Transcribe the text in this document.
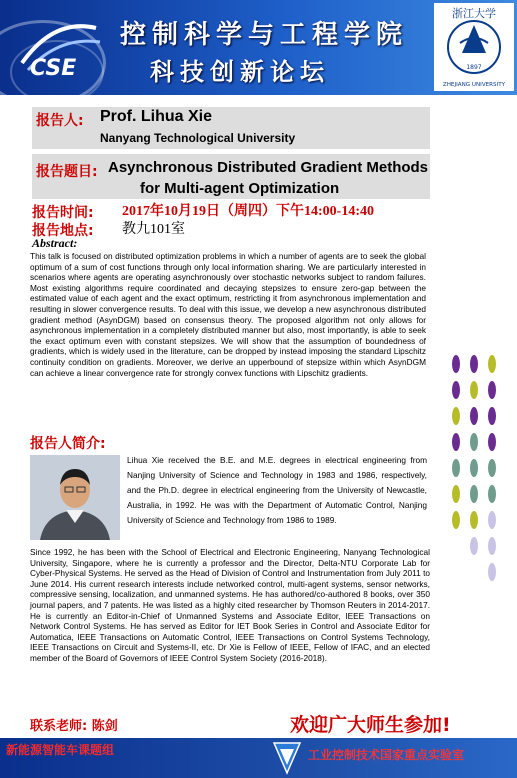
CSE
控制科学与工程学院
科技创新论坛
浙江大学
1897
ZHEJIANG UNIVERSITY
报告人: Prof. Lihua Xie
Nanyang Technological University
报告题目: Asynchronous Distributed Gradient Methods
for Multi-agent Optimization
报告时间: 2017年10月19日（周四）下午14:00-14:40
报告地点: 教九101室
Abstract:
This talk is focused on distributed optimization problems in which a number of agents are to seek the global optimum of a sum of cost functions through only local information sharing. We are particularly interested in scenarios where agents are operating asynchronously over stochastic networks subject to random failures. Most existing algorithms require coordinated and decaying stepsizes to ensure zero-gap between the estimated value of each agent and the exact optimum, restricting it from asynchronous implementation and resulting in slower convergence results. To deal with this issue, we develop a new asynchronous distributed gradient method (AsynDGM) based on consensus theory. The proposed algorithm not only allows for asynchronous implementation in a completely distributed manner but also, most importantly, is able to seek the exact optimum even with constant stepsizes. We will show that the assumption of boundedness of gradients, which is widely used in the literature, can be dropped by instead imposing the standard Lipschitz continuity condition on gradients. Moreover, we derive an upperbound of stepsize within which AsynDGM can achieve a linear convergence rate for strongly convex functions with Lipschitz gradients.
报告人简介:
Lihua Xie received the B.E. and M.E. degrees in electrical engineering from Nanjing University of Science and Technology in 1983 and 1986, respectively, and the Ph.D. degree in electrical engineering from the University of Newcastle, Australia, in 1992. He was with the Department of Automatic Control, Nanjing University of Science and Technology from 1986 to 1989.
Since 1992, he has been with the School of Electrical and Electronic Engineering, Nanyang Technological University, Singapore, where he is currently a professor and the Director, Delta-NTU Corporate Lab for Cyber-Physical Systems. He served as the Head of Division of Control and Instrumentation from July 2011 to June 2014. His current research interests include networked control, multi-agent systems, sensor networks, compressive sensing, localization, and unmanned systems. He has authored/co-authored 8 books, over 350 journal papers, and 7 patents. He was listed as a highly cited researcher by Thomson Reuters in 2014-2017. He is currently an Editor-in-Chief of Unmanned Systems and Associate Editor, IEEE Transactions on Network Control Systems. He has served as Editor for IET Book Series in Control and Associate Editor for Automatica, IEEE Transactions on Automatic Control, IEEE Transactions on Control Systems Technology, IEEE Transactions on Circuit and Systems-II, etc. Dr Xie is Fellow of IEEE, Fellow of IFAC, and an elected member of the Board of Governors of IEEE Control System Society (2016-2018).
联系老师: 陈剑	欢迎广大师生参加!
新能源智能车课题组	工业控制技术国家重点实验室
